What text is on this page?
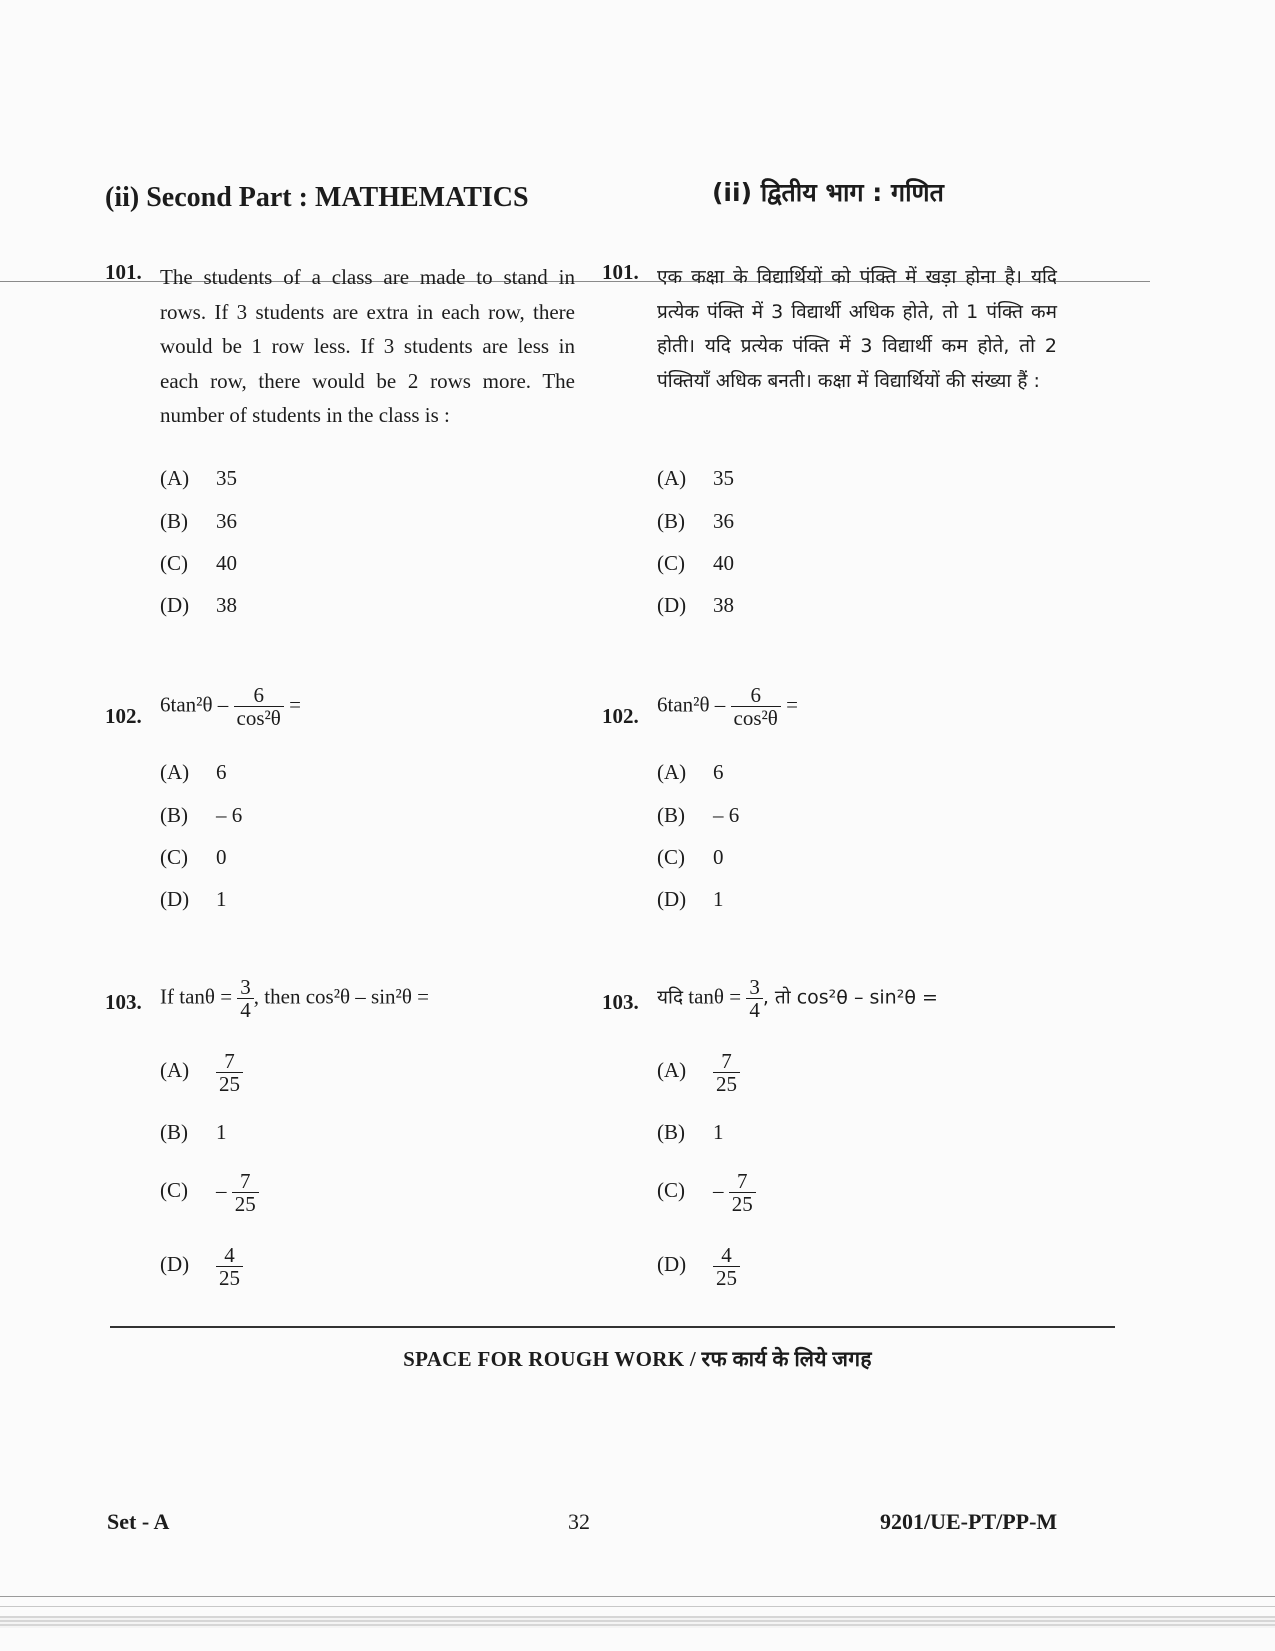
(ii) Second Part : MATHEMATICS	(ii) द्वितीय भाग : गणित
101. The students of a class are made to stand in rows. If 3 students are extra in each row, there would be 1 row less. If 3 students are less in each row, there would be 2 rows more. The number of students in the class is :
(A) 35
(B) 36
(C) 40
(D) 38
101. एक कक्षा के विद्यार्थियों को पंक्ति में खड़ा होना है। यदि प्रत्येक पंक्ति में 3 विद्यार्थी अधिक होते, तो 1 पंक्ति कम होती। यदि प्रत्येक पंक्ति में 3 विद्यार्थी कम होते, तो 2 पंक्तियाँ अधिक बनती। कक्षा में विद्यार्थियों की संख्या हैं :
(A) 35
(B) 36
(C) 40
(D) 38
102. $6\tan^2\theta - \frac{6}{\text{cos²θ}}$ =
(A) 6
(B) – 6
(C) 0
(D) 1
102. $6\tan^2\theta - \frac{6}{\text{cos²θ}}$ =
(A) 6
(B) – 6
(C) 0
(D) 1
103. If $\tan\theta = \frac{3}{4}$ , then cos²θ – sin²θ =
$(A) \frac{7}{25}$
(B) 1
$(C) - \frac{7}{25}$
$(D) \frac{4}{25}$
103. यदि $\tan\theta = \frac{3}{4}$ , तो cos²θ – sin²θ =
$(A) \frac{7}{25}$
(B) 1
$(C) - \frac{7}{25}$
$(D) \frac{4}{25}$
SPACE FOR ROUGH WORK / रफ कार्य के लिये जगह
Set - A	32	9201/UE-PT/PP-M
